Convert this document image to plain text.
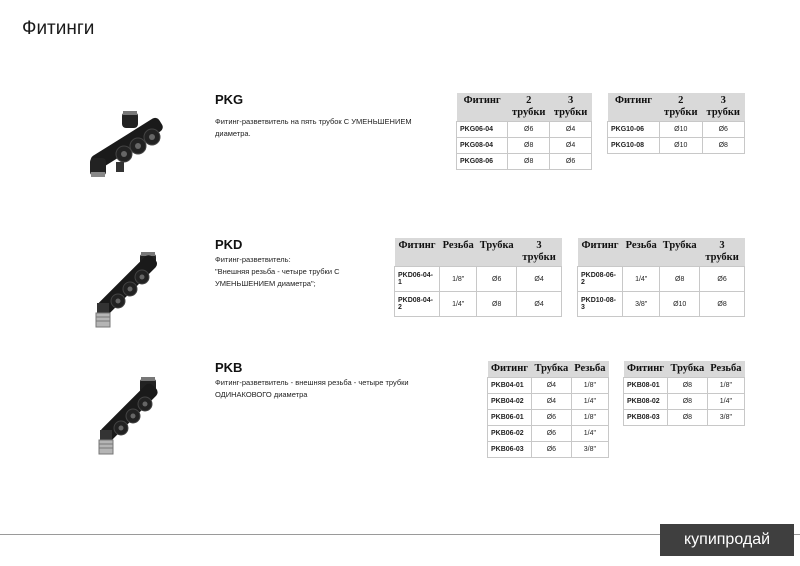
Фитинги
PKG
Фитинг-разветвитель на пять трубок С УМЕНЬШЕНИЕМ
диаметра.
Фитинг	2 трубки	3 трубки
PKG06-04	Ø6	Ø4
PKG08-04	Ø8	Ø4
PKG08-06	Ø8	Ø6
Фитинг	2 трубки	3 трубки
PKG10-06	Ø10	Ø6
PKG10-08	Ø10	Ø8
PKD
Фитинг-разветвитель:
"Внешняя резьба - четыре трубки С
УМЕНЬШЕНИЕМ диаметра";
Фитинг	Резьба	Трубка	3 трубки
PKD06-04-1	1/8"	Ø6	Ø4
PKD08-04-2	1/4"	Ø8	Ø4
Фитинг	Резьба	Трубка	3 трубки
PKD08-06-2	1/4"	Ø8	Ø6
PKD10-08-3	3/8"	Ø10	Ø8
PKB
Фитинг-разветвитель - внешняя резьба - четыре трубки
ОДИНАКОВОГО диаметра
Фитинг	Трубка	Резьба
PKB04-01	Ø4	1/8"
PKB04-02	Ø4	1/4"
PKB06-01	Ø6	1/8"
PKB06-02	Ø6	1/4"
PKB06-03	Ø6	3/8"
Фитинг	Трубка	Резьба
PKB08-01	Ø8	1/8"
PKB08-02	Ø8	1/4"
PKB08-03	Ø8	3/8"
купипродай
